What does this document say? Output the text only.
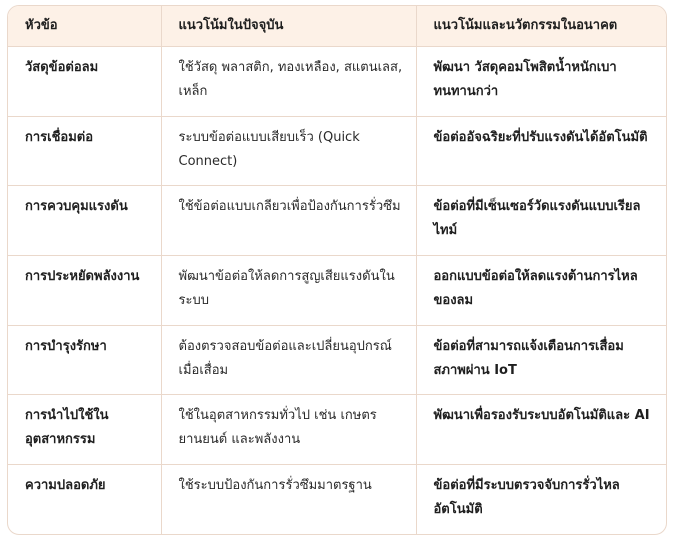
หัวข้อ	แนวโน้มในปัจจุบัน	แนวโน้มและนวัตกรรมในอนาคต
วัสดุข้อต่อลม	ใช้วัสดุ พลาสติก, ทองเหลือง, สแตนเลส, เหล็ก	พัฒนา วัสดุคอมโพสิตน้ำหนักเบา ทนทานกว่า
การเชื่อมต่อ	ระบบข้อต่อแบบเสียบเร็ว (Quick Connect)	ข้อต่ออัจฉริยะที่ปรับแรงดันได้อัตโนมัติ
การควบคุมแรงดัน	ใช้ข้อต่อแบบเกลียวเพื่อป้องกันการรั่วซึม	ข้อต่อที่มีเซ็นเซอร์วัดแรงดันแบบเรียลไทม์
การประหยัดพลังงาน	พัฒนาข้อต่อให้ลดการสูญเสียแรงดันในระบบ	ออกแบบข้อต่อให้ลดแรงต้านการไหลของลม
การบำรุงรักษา	ต้องตรวจสอบข้อต่อและเปลี่ยนอุปกรณ์เมื่อเสื่อม	ข้อต่อที่สามารถแจ้งเตือนการเสื่อมสภาพผ่าน IoT
การนำไปใช้ในอุตสาหกรรม	ใช้ในอุตสาหกรรมทั่วไป เช่น เกษตร ยานยนต์ และพลังงาน	พัฒนาเพื่อรองรับระบบอัตโนมัติและ AI
ความปลอดภัย	ใช้ระบบป้องกันการรั่วซึมมาตรฐาน	ข้อต่อที่มีระบบตรวจจับการรั่วไหลอัตโนมัติ
